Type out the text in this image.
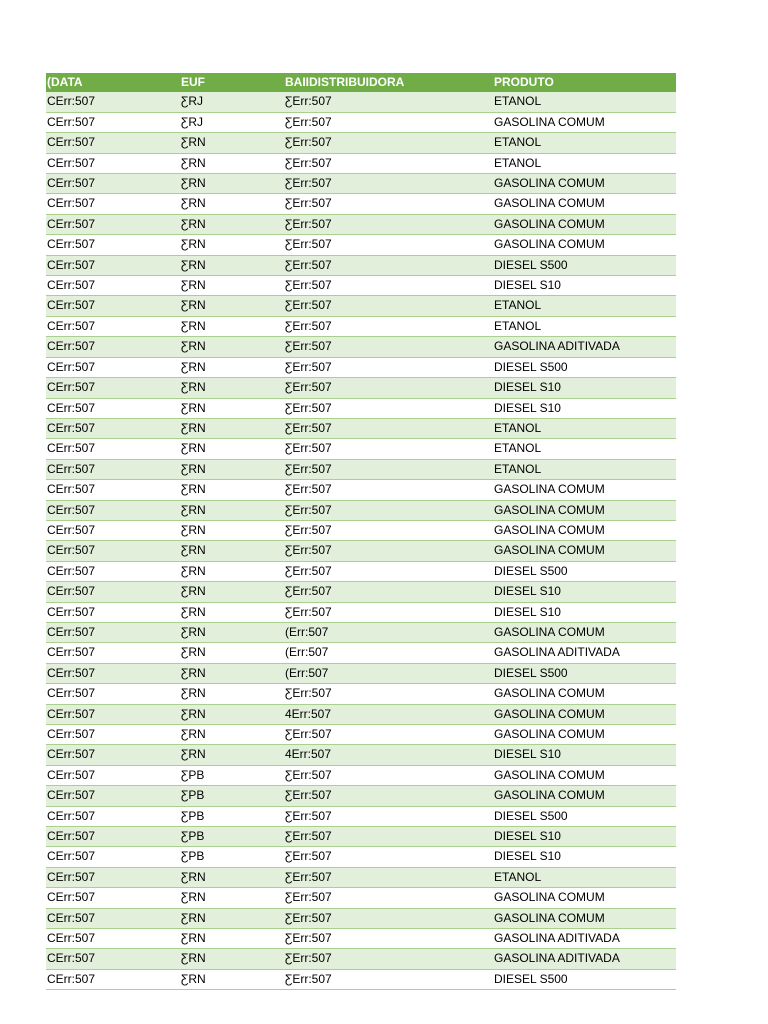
(DATA	EUF	BAIIDISTRIBUIDORA	PRODUTO
CErr:507	ƸRJ	ƸErr:507	ETANOL
CErr:507	ƸRJ	ƸErr:507	GASOLINA COMUM
CErr:507	ƸRN	ƸErr:507	ETANOL
CErr:507	ƸRN	ƸErr:507	ETANOL
CErr:507	ƸRN	ƸErr:507	GASOLINA COMUM
CErr:507	ƸRN	ƸErr:507	GASOLINA COMUM
CErr:507	ƸRN	ƸErr:507	GASOLINA COMUM
CErr:507	ƸRN	ƸErr:507	GASOLINA COMUM
CErr:507	ƸRN	ƸErr:507	DIESEL S500
CErr:507	ƸRN	ƸErr:507	DIESEL S10
CErr:507	ƸRN	ƸErr:507	ETANOL
CErr:507	ƸRN	ƸErr:507	ETANOL
CErr:507	ƸRN	ƸErr:507	GASOLINA ADITIVADA
CErr:507	ƸRN	ƸErr:507	DIESEL S500
CErr:507	ƸRN	ƸErr:507	DIESEL S10
CErr:507	ƸRN	ƸErr:507	DIESEL S10
CErr:507	ƸRN	ƸErr:507	ETANOL
CErr:507	ƸRN	ƸErr:507	ETANOL
CErr:507	ƸRN	ƸErr:507	ETANOL
CErr:507	ƸRN	ƸErr:507	GASOLINA COMUM
CErr:507	ƸRN	ƸErr:507	GASOLINA COMUM
CErr:507	ƸRN	ƸErr:507	GASOLINA COMUM
CErr:507	ƸRN	ƸErr:507	GASOLINA COMUM
CErr:507	ƸRN	ƸErr:507	DIESEL S500
CErr:507	ƸRN	ƸErr:507	DIESEL S10
CErr:507	ƸRN	ƸErr:507	DIESEL S10
CErr:507	ƸRN	(Err:507	GASOLINA COMUM
CErr:507	ƸRN	(Err:507	GASOLINA ADITIVADA
CErr:507	ƸRN	(Err:507	DIESEL S500
CErr:507	ƸRN	ƸErr:507	GASOLINA COMUM
CErr:507	ƸRN	4Err:507	GASOLINA COMUM
CErr:507	ƸRN	ƸErr:507	GASOLINA COMUM
CErr:507	ƸRN	4Err:507	DIESEL S10
CErr:507	ƸPB	ƸErr:507	GASOLINA COMUM
CErr:507	ƸPB	ƸErr:507	GASOLINA COMUM
CErr:507	ƸPB	ƸErr:507	DIESEL S500
CErr:507	ƸPB	ƸErr:507	DIESEL S10
CErr:507	ƸPB	ƸErr:507	DIESEL S10
CErr:507	ƸRN	ƸErr:507	ETANOL
CErr:507	ƸRN	ƸErr:507	GASOLINA COMUM
CErr:507	ƸRN	ƸErr:507	GASOLINA COMUM
CErr:507	ƸRN	ƸErr:507	GASOLINA ADITIVADA
CErr:507	ƸRN	ƸErr:507	GASOLINA ADITIVADA
CErr:507	ƸRN	ƸErr:507	DIESEL S500
